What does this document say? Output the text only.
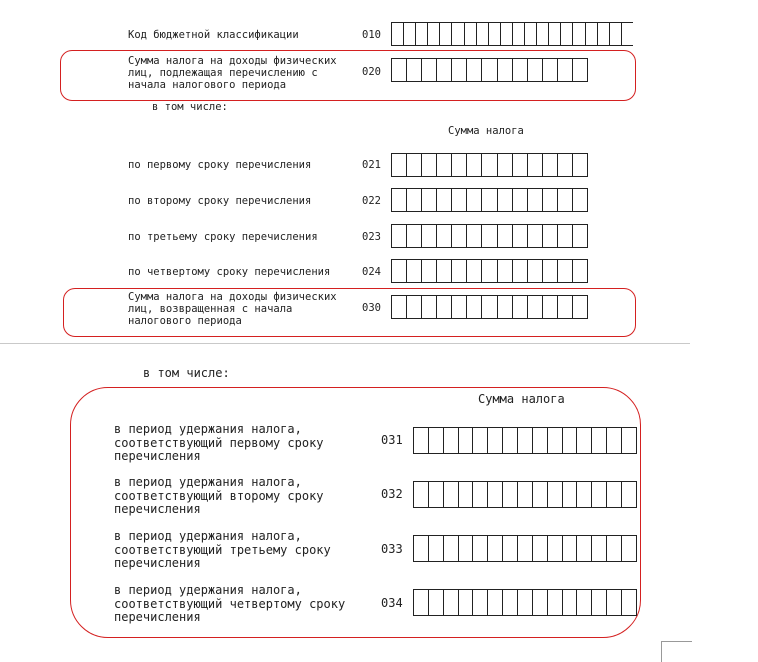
Код бюджетной классификации	010
Сумма налога на доходы физических
лиц, подлежащая перечислению с
начала налогового периода
020
в том числе:
Сумма налога
по первому сроку перечисления	021
по второму сроку перечисления	022
по третьему сроку перечисления	023
по четвертому сроку перечисления	024
Сумма налога на доходы физических
лиц, возвращенная с начала
налогового периода
030
в том числе:
Сумма налога
в период удержания налога,
соответствующий первому сроку
перечисления
031
в период удержания налога,
соответствующий второму сроку
перечисления
032
в период удержания налога,
соответствующий третьему сроку
перечисления
033
в период удержания налога,
соответствующий четвертому сроку
перечисления
034
